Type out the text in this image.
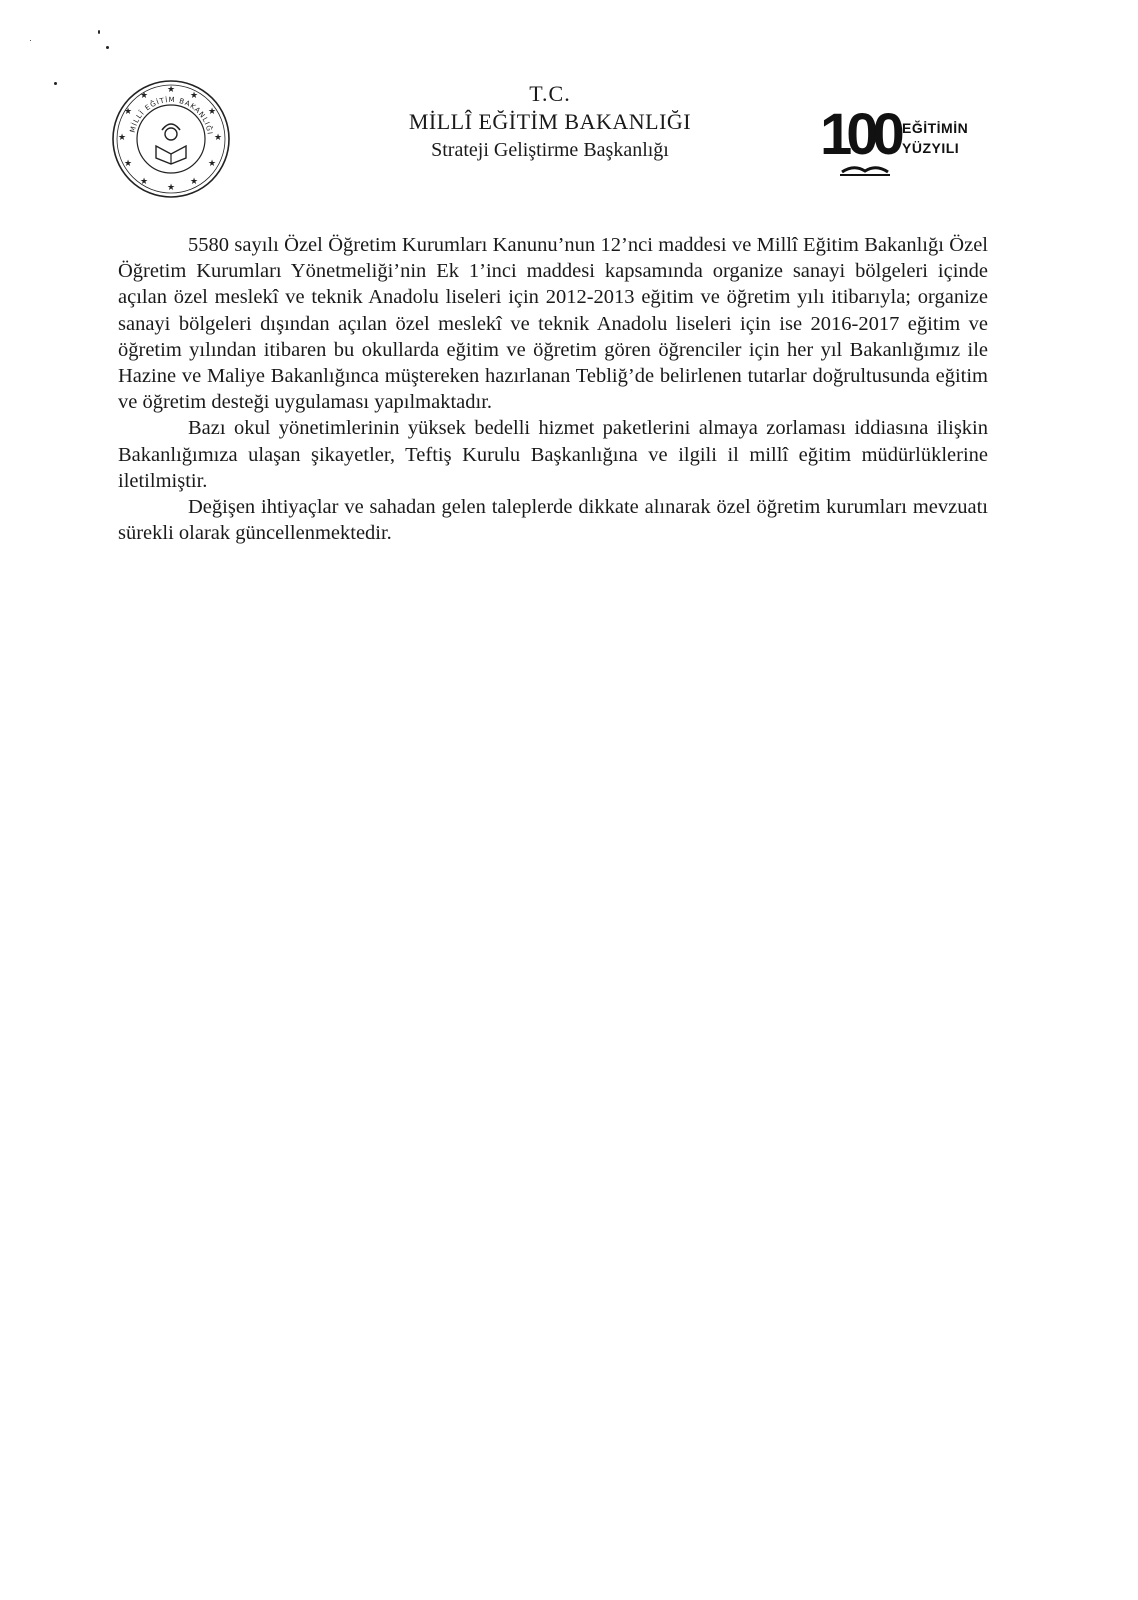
★
★
★
★
★
★
★
★
★
★
★
★
MİLLÎ EĞİTİM BAKANLIĞI
T.C.
MİLLÎ EĞİTİM BAKANLIĞI
Strateji Geliştirme Başkanlığı	100 EĞİTİMİN
YÜZYILI

5580 sayılı Özel Öğretim Kurumları Kanunu’nun 12’nci maddesi ve Millî Eğitim Bakanlığı Özel Öğretim Kurumları Yönetmeliği’nin Ek 1’inci maddesi kapsamında organize sanayi bölgeleri içinde açılan özel meslekî ve teknik Anadolu liseleri için 2012-2013 eğitim ve öğretim yılı itibarıyla; organize sanayi bölgeleri dışından açılan özel meslekî ve teknik Anadolu liseleri için ise 2016-2017 eğitim ve öğretim yılından itibaren bu okullarda eğitim ve öğretim gören öğrenciler için her yıl Bakanlığımız ile Hazine ve Maliye Bakanlığınca müştereken hazırlanan Tebliğ’de belirlenen tutarlar doğrultusunda eğitim ve öğretim desteği uygulaması yapılmaktadır.

Bazı okul yönetimlerinin yüksek bedelli hizmet paketlerini almaya zorlaması iddiasına ilişkin Bakanlığımıza ulaşan şikayetler, Teftiş Kurulu Başkanlığına ve ilgili il millî eğitim müdürlüklerine iletilmiştir.

Değişen ihtiyaçlar ve sahadan gelen taleplerde dikkate alınarak özel öğretim kurumları mevzuatı sürekli olarak güncellenmektedir.
